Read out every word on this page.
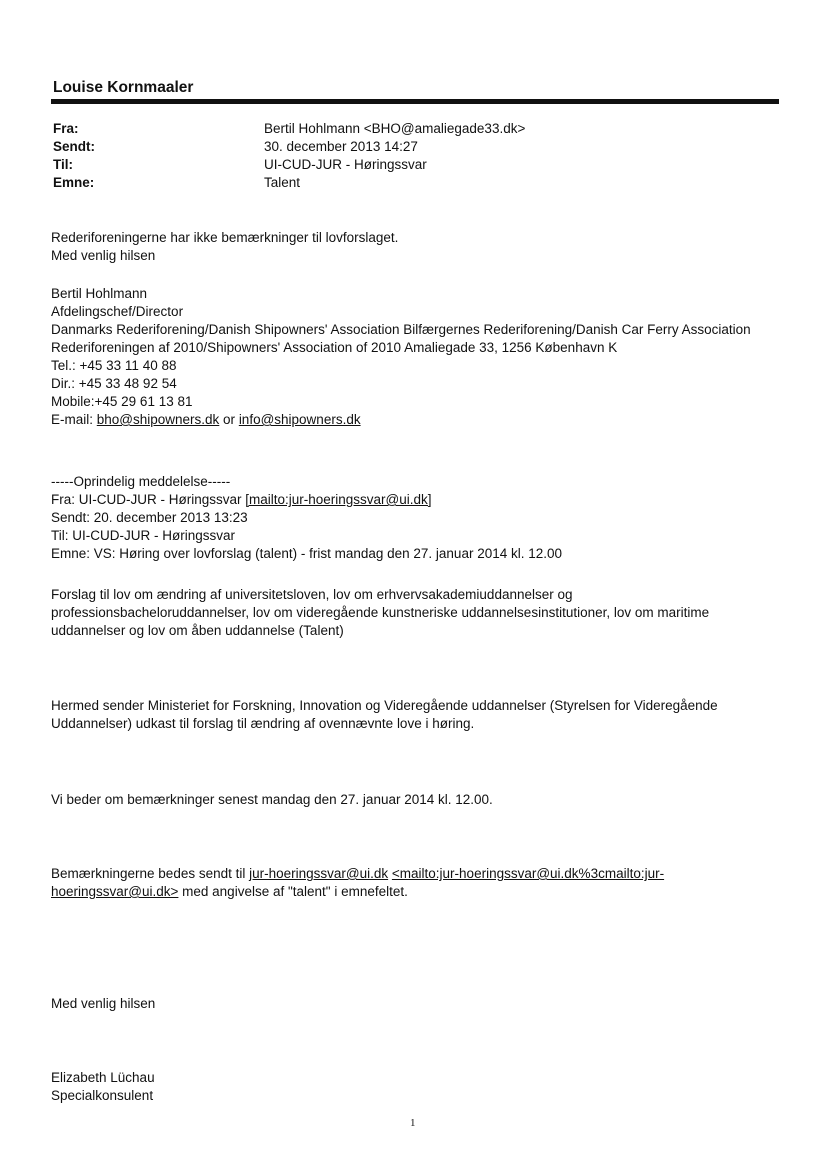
Louise Kornmaaler
Fra:	Bertil Hohlmann <BHO@amaliegade33.dk>
Sendt:	30. december 2013 14:27
Til:	UI-CUD-JUR - Høringssvar
Emne:	Talent
Rederiforeningerne har ikke bemærkninger til lovforslaget.
Med venlig hilsen
Bertil Hohlmann
Afdelingschef/Director
Danmarks Rederiforening/Danish Shipowners' Association Bilfærgernes Rederiforening/Danish Car Ferry Association
Rederiforeningen af 2010/Shipowners' Association of 2010 Amaliegade 33, 1256 København K
Tel.: +45 33 11 40 88
Dir.: +45 33 48 92 54
Mobile:+45 29 61 13 81
E-mail: bho@shipowners.dk or info@shipowners.dk
-----Oprindelig meddelelse-----
Fra: UI-CUD-JUR - Høringssvar [mailto:jur-hoeringssvar@ui.dk]
Sendt: 20. december 2013 13:23
Til: UI-CUD-JUR - Høringssvar
Emne: VS: Høring over lovforslag (talent) - frist mandag den 27. januar 2014 kl. 12.00
Forslag til lov om ændring af universitetsloven, lov om erhvervsakademiuddannelser og
professionsbacheloruddannelser, lov om videregående kunstneriske uddannelsesinstitutioner, lov om maritime
uddannelser og lov om åben uddannelse (Talent)
Hermed sender Ministeriet for Forskning, Innovation og Videregående uddannelser (Styrelsen for Videregående
Uddannelser) udkast til forslag til ændring af ovennævnte love i høring.
Vi beder om bemærkninger senest mandag den 27. januar 2014 kl. 12.00.
Bemærkningerne bedes sendt til jur-hoeringssvar@ui.dk <mailto:jur-hoeringssvar@ui.dk%3cmailto:jur-
hoeringssvar@ui.dk> med angivelse af "talent" i emnefeltet.
Med venlig hilsen
Elizabeth Lüchau
Specialkonsulent
1
